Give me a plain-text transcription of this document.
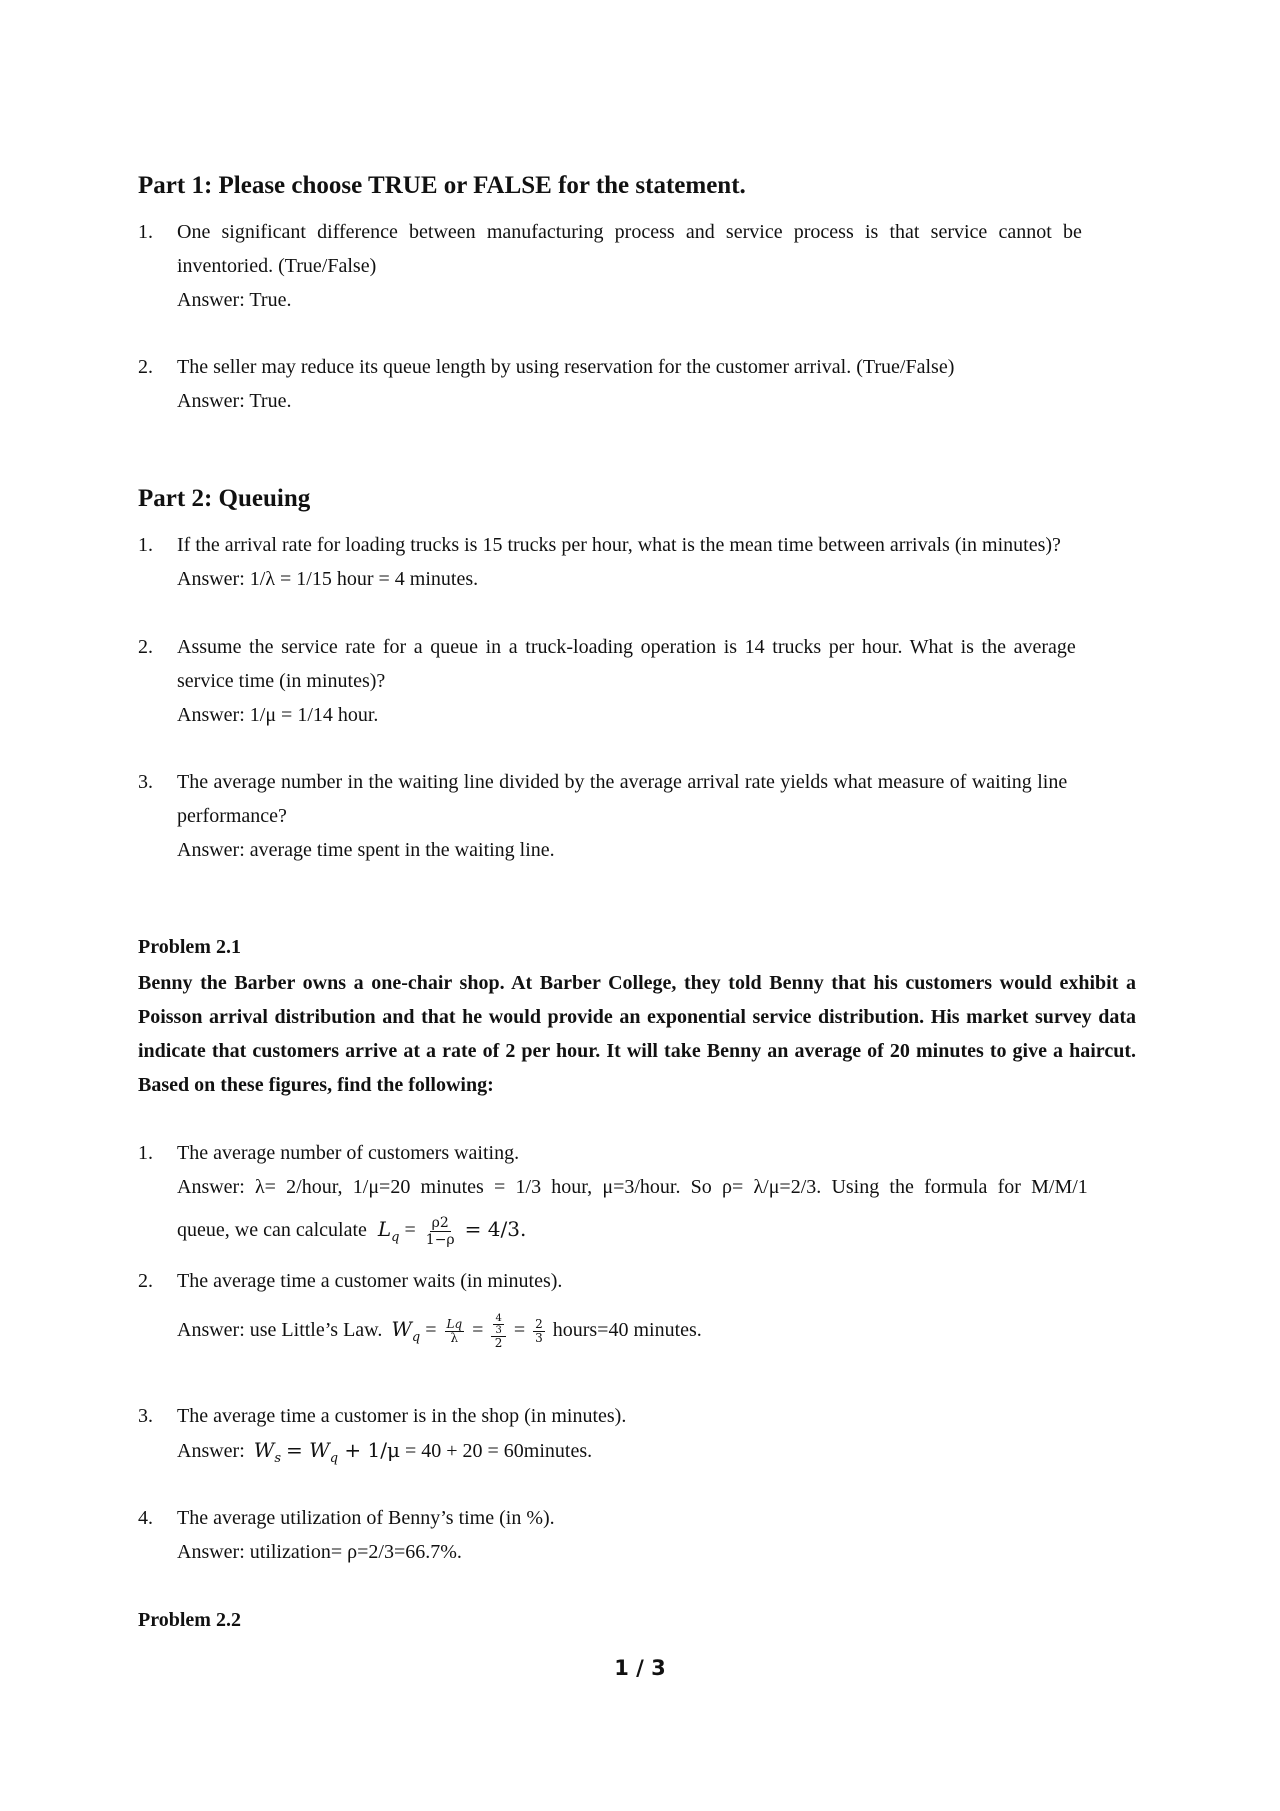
Part 1: Please choose TRUE or FALSE for the statement.
1.	One significant difference between manufacturing process and service process is that service cannot be
inventoried. (True/False)
Answer: True.
2.	The seller may reduce its queue length by using reservation for the customer arrival. (True/False)
Answer: True.
Part 2: Queuing
1.	If the arrival rate for loading trucks is 15 trucks per hour, what is the mean time between arrivals (in minutes)?
Answer: 1/λ = 1/15 hour = 4 minutes.
2.	Assume the service rate for a queue in a truck-loading operation is 14 trucks per hour. What is the average
service time (in minutes)?
Answer: 1/μ = 1/14 hour.
3.	The average number in the waiting line divided by the average arrival rate yields what measure of waiting line
performance?
Answer: average time spent in the waiting line.
Problem 2.1
Benny the Barber owns a one-chair shop. At Barber College, they told Benny that his customers would exhibit a Poisson arrival distribution and that he would provide an exponential service distribution. His market survey data indicate that customers arrive at a rate of 2 per hour. It will take Benny an average of 20 minutes to give a haircut. Based on these figures, find the following:
1.	The average number of customers waiting.
Answer: λ= 2/hour, 1/μ=20 minutes = 1/3 hour, μ=3/hour. So ρ= λ/μ=2/3. Using the formula for M/M/1
queue, we can calculate $L_q = \frac{\rho 2}{1-\rho} = 4/3$.
2.	The average time a customer waits (in minutes).
Answer: use Little’s Law. $W_q = \frac{Lq}{\lambda} = \frac{\frac{4}{3}}{2} = \frac{2}{3}$ hours=40 minutes.
3.	The average time a customer is in the shop (in minutes).
Answer: $W_s = W_q + 1/\mu = 40 + 20$ = 60minutes.
4.	The average utilization of Benny’s time (in %).
Answer: utilization= ρ=2/3=66.7%.
Problem 2.2
1 / 3
